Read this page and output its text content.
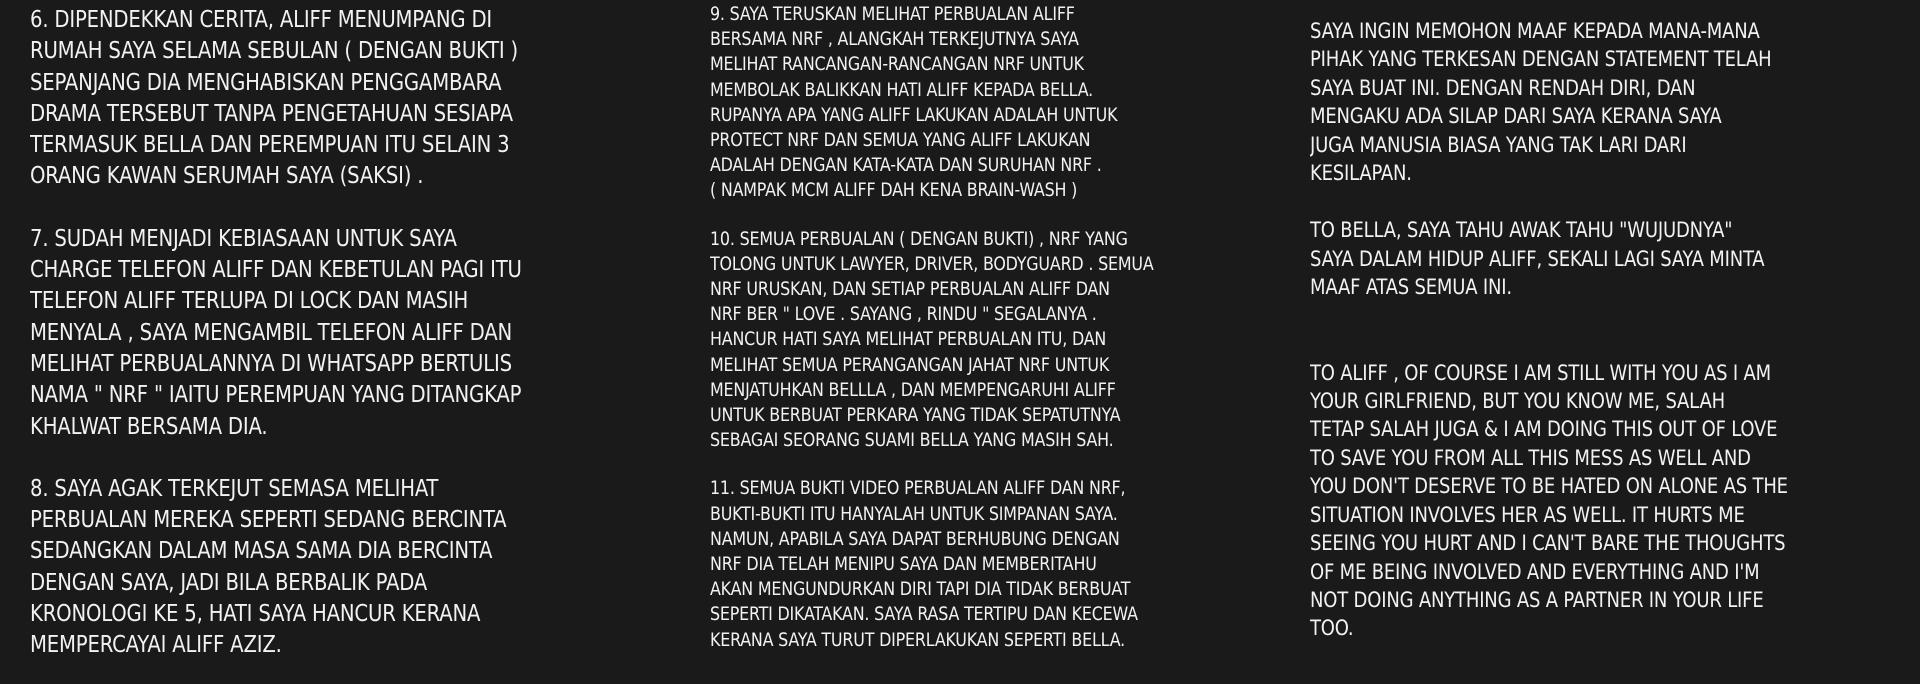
6. DIPENDEKKAN CERITA, ALIFF MENUMPANG DI
RUMAH SAYA SELAMA SEBULAN ( DENGAN BUKTI )
SEPANJANG DIA MENGHABISKAN PENGGAMBARA
DRAMA TERSEBUT TANPA PENGETAHUAN SESIAPA
TERMASUK BELLA DAN PEREMPUAN ITU SELAIN 3
ORANG KAWAN SERUMAH SAYA (SAKSI) .

7. SUDAH MENJADI KEBIASAAN UNTUK SAYA
CHARGE TELEFON ALIFF DAN KEBETULAN PAGI ITU
TELEFON ALIFF TERLUPA DI LOCK DAN MASIH
MENYALA , SAYA MENGAMBIL TELEFON ALIFF DAN
MELIHAT PERBUALANNYA DI WHATSAPP BERTULIS
NAMA " NRF " IAITU PEREMPUAN YANG DITANGKAP
KHALWAT BERSAMA DIA.

8. SAYA AGAK TERKEJUT SEMASA MELIHAT
PERBUALAN MEREKA SEPERTI SEDANG BERCINTA
SEDANGKAN DALAM MASA SAMA DIA BERCINTA
DENGAN SAYA, JADI BILA BERBALIK PADA
KRONOLOGI KE 5, HATI SAYA HANCUR KERANA
MEMPERCAYAI ALIFF AZIZ.

9. SAYA TERUSKAN MELIHAT PERBUALAN ALIFF
BERSAMA NRF , ALANGKAH TERKEJUTNYA SAYA
MELIHAT RANCANGAN-RANCANGAN NRF UNTUK
MEMBOLAK BALIKKAN HATI ALIFF KEPADA BELLA.
RUPANYA APA YANG ALIFF LAKUKAN ADALAH UNTUK
PROTECT NRF DAN SEMUA YANG ALIFF LAKUKAN
ADALAH DENGAN KATA-KATA DAN SURUHAN NRF .
( NAMPAK MCM ALIFF DAH KENA BRAIN-WASH )

10. SEMUA PERBUALAN ( DENGAN BUKTI) , NRF YANG
TOLONG UNTUK LAWYER, DRIVER, BODYGUARD . SEMUA
NRF URUSKAN, DAN SETIAP PERBUALAN ALIFF DAN
NRF BER " LOVE . SAYANG , RINDU " SEGALANYA .
HANCUR HATI SAYA MELIHAT PERBUALAN ITU, DAN
MELIHAT SEMUA PERANGANGAN JAHAT NRF UNTUK
MENJATUHKAN BELLLA , DAN MEMPENGARUHI ALIFF
UNTUK BERBUAT PERKARA YANG TIDAK SEPATUTNYA
SEBAGAI SEORANG SUAMI BELLA YANG MASIH SAH.

11. SEMUA BUKTI VIDEO PERBUALAN ALIFF DAN NRF,
BUKTI-BUKTI ITU HANYALAH UNTUK SIMPANAN SAYA.
NAMUN, APABILA SAYA DAPAT BERHUBUNG DENGAN
NRF DIA TELAH MENIPU SAYA DAN MEMBERITAHU
AKAN MENGUNDURKAN DIRI TAPI DIA TIDAK BERBUAT
SEPERTI DIKATAKAN. SAYA RASA TERTIPU DAN KECEWA
KERANA SAYA TURUT DIPERLAKUKAN SEPERTI BELLA.

SAYA INGIN MEMOHON MAAF KEPADA MANA-MANA
PIHAK YANG TERKESAN DENGAN STATEMENT TELAH
SAYA BUAT INI. DENGAN RENDAH DIRI, DAN
MENGAKU ADA SILAP DARI SAYA KERANA SAYA
JUGA MANUSIA BIASA YANG TAK LARI DARI
KESILAPAN.

TO BELLA, SAYA TAHU AWAK TAHU "WUJUDNYA"
SAYA DALAM HIDUP ALIFF, SEKALI LAGI SAYA MINTA
MAAF ATAS SEMUA INI.

TO ALIFF , OF COURSE I AM STILL WITH YOU AS I AM
YOUR GIRLFRIEND, BUT YOU KNOW ME, SALAH
TETAP SALAH JUGA & I AM DOING THIS OUT OF LOVE
TO SAVE YOU FROM ALL THIS MESS AS WELL AND
YOU DON'T DESERVE TO BE HATED ON ALONE AS THE
SITUATION INVOLVES HER AS WELL. IT HURTS ME
SEEING YOU HURT AND I CAN'T BARE THE THOUGHTS
OF ME BEING INVOLVED AND EVERYTHING AND I'M
NOT DOING ANYTHING AS A PARTNER IN YOUR LIFE
TOO.
